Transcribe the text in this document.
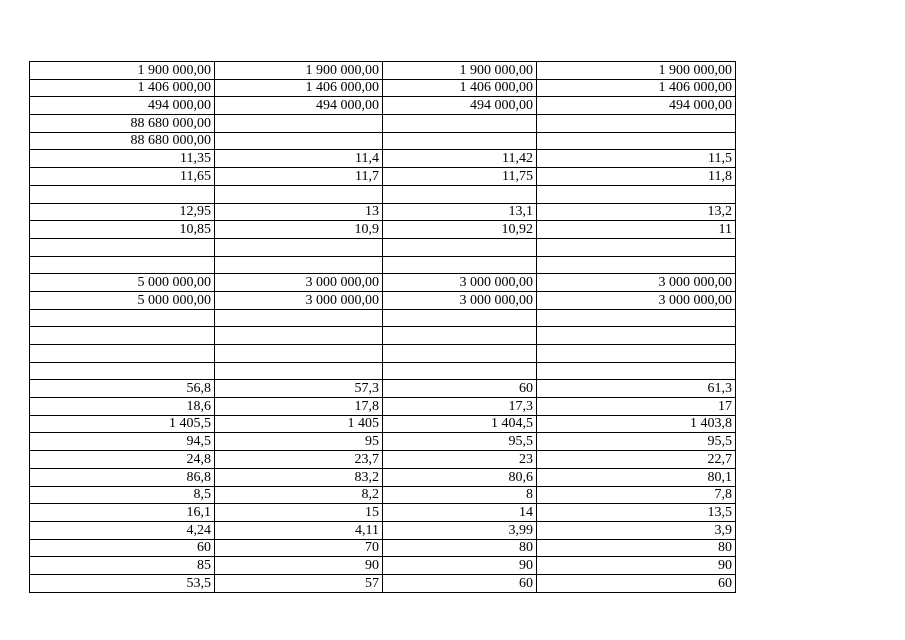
1 900 000,00	1 900 000,00	1 900 000,00	1 900 000,00
1 406 000,00	1 406 000,00	1 406 000,00	1 406 000,00
494 000,00	494 000,00	494 000,00	494 000,00
88 680 000,00			
88 680 000,00			
11,35	11,4	11,42	11,5
11,65	11,7	11,75	11,8

12,95	13	13,1	13,2
10,85	10,9	10,92	11

5 000 000,00	3 000 000,00	3 000 000,00	3 000 000,00
5 000 000,00	3 000 000,00	3 000 000,00	3 000 000,00

56,8	57,3	60	61,3
18,6	17,8	17,3	17
1 405,5	1 405	1 404,5	1 403,8
94,5	95	95,5	95,5
24,8	23,7	23	22,7
86,8	83,2	80,6	80,1
8,5	8,2	8	7,8
16,1	15	14	13,5
4,24	4,11	3,99	3,9
60	70	80	80
85	90	90	90
53,5	57	60	60
